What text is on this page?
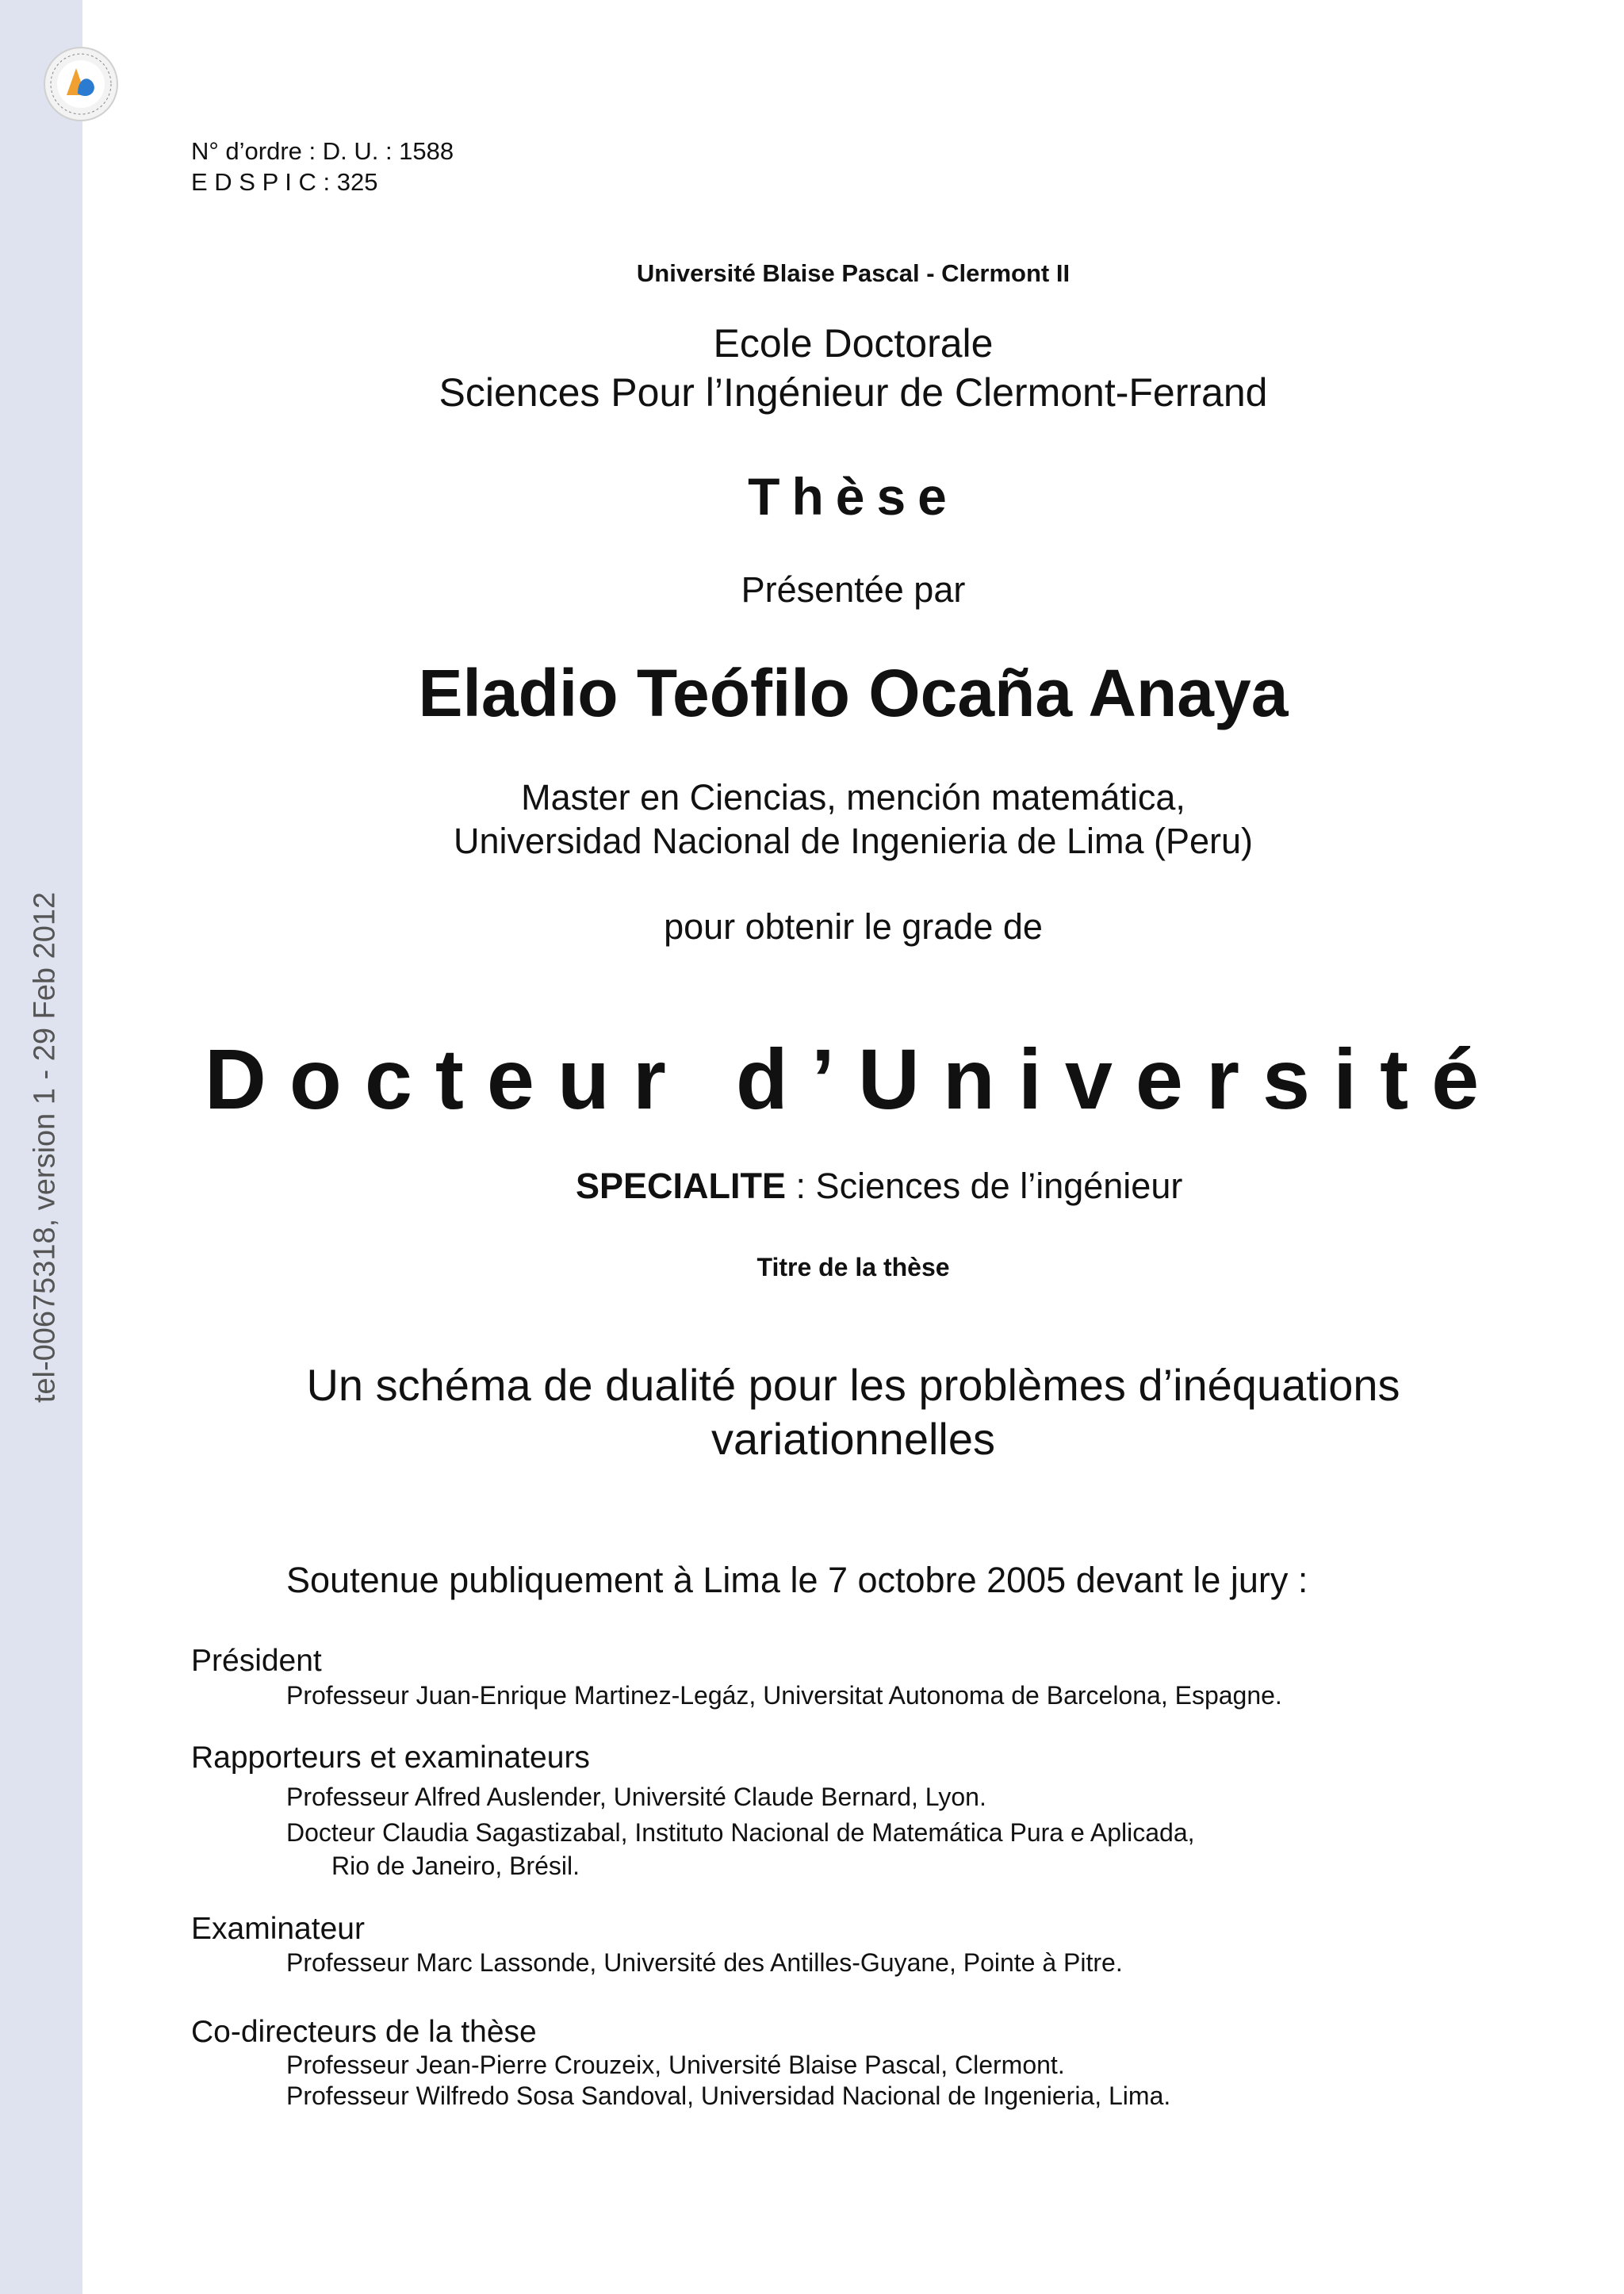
tel-00675318, version 1 - 29 Feb 2012
N° d’ordre : D. U. : 1588
E D S P I C : 325
Université Blaise Pascal - Clermont II
Ecole Doctorale
Sciences Pour l’Ingénieur de Clermont-Ferrand
Thèse
Présentée par
Eladio Teófilo Ocaña Anaya
Master en Ciencias, mención matemática,
Universidad Nacional de Ingenieria de Lima (Peru)
pour obtenir le grade de
Docteur d’Université
SPECIALITE : Sciences de l’ingénieur
Titre de la thèse
Un schéma de dualité pour les problèmes d’inéquations
variationnelles
Soutenue publiquement à Lima le 7 octobre 2005 devant le jury :
Président
Professeur Juan-Enrique Martinez-Legáz, Universitat Autonoma de Barcelona, Espagne.
Rapporteurs et examinateurs
Professeur Alfred Auslender, Université Claude Bernard, Lyon.
Docteur Claudia Sagastizabal, Instituto Nacional de Matemática Pura e Aplicada,
Rio de Janeiro, Brésil.
Examinateur
Professeur Marc Lassonde, Université des Antilles-Guyane, Pointe à Pitre.
Co-directeurs de la thèse
Professeur Jean-Pierre Crouzeix, Université Blaise Pascal, Clermont.
Professeur Wilfredo Sosa Sandoval, Universidad Nacional de Ingenieria, Lima.
